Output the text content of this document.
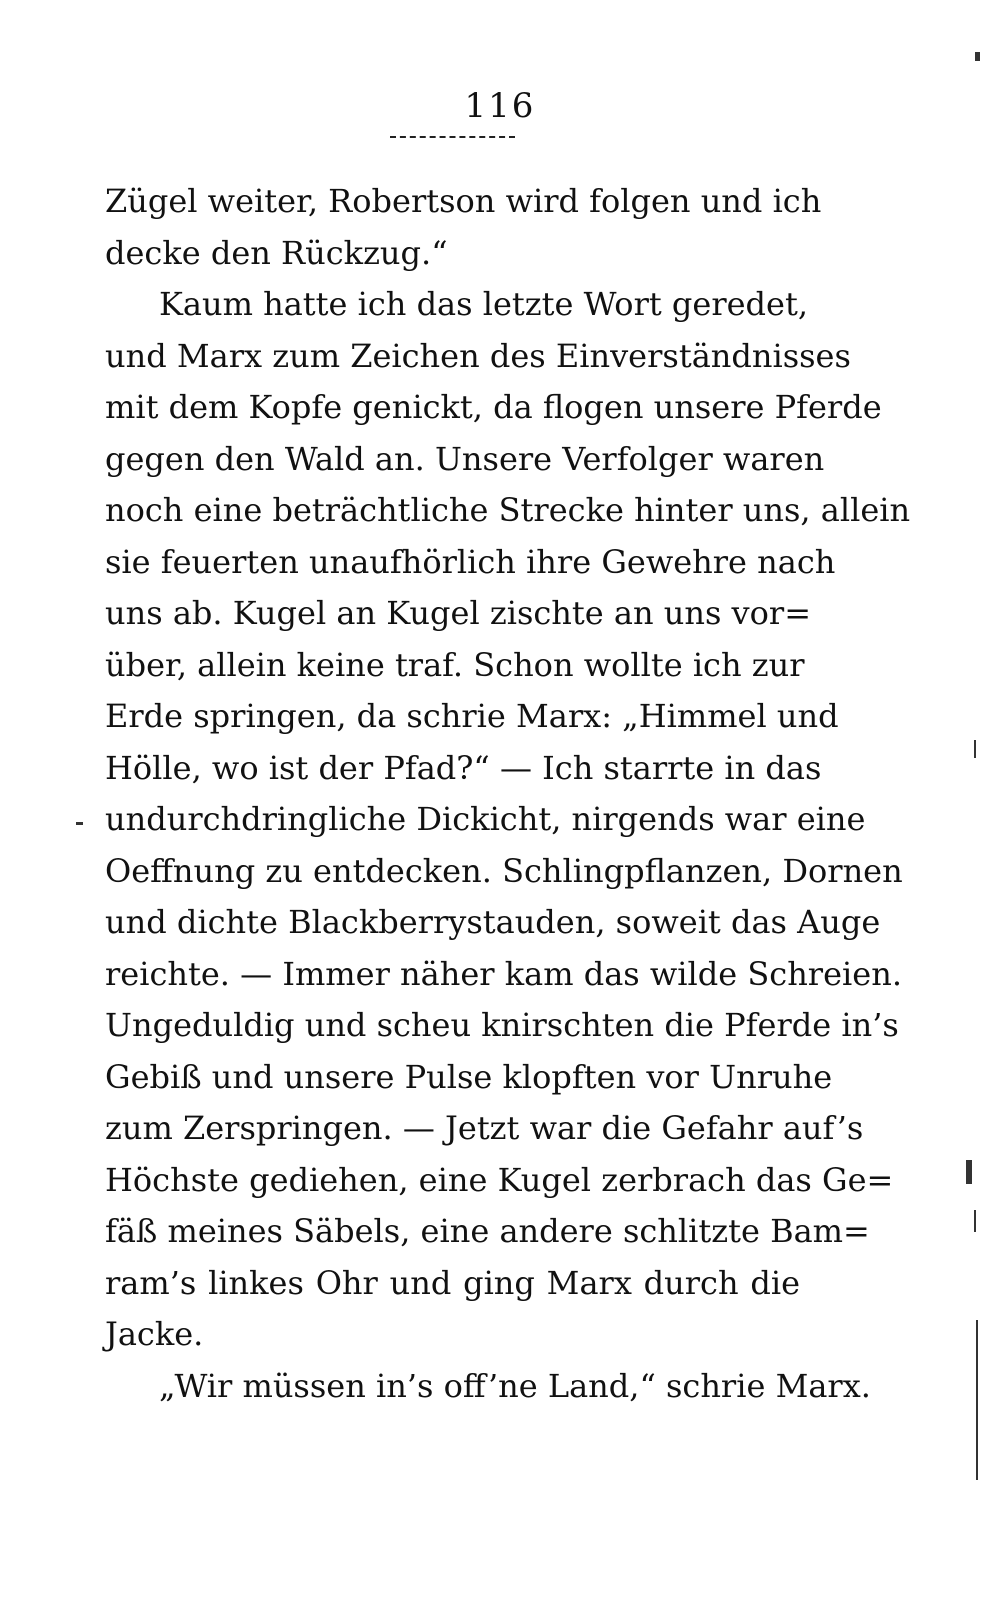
116
Zügel weiter, Robertson wird folgen und ich
decke den Rückzug.“
Kaum hatte ich das letzte Wort geredet,
und Marx zum Zeichen des Einverständnisses
mit dem Kopfe genickt, da flogen unsere Pferde
gegen den Wald an. Unsere Verfolger waren
noch eine beträchtliche Strecke hinter uns, allein
sie feuerten unaufhörlich ihre Gewehre nach
uns ab. Kugel an Kugel zischte an uns vor=
über, allein keine traf. Schon wollte ich zur
Erde springen, da schrie Marx: „Himmel und
Hölle, wo ist der Pfad?“ — Ich starrte in das
undurchdringliche Dickicht, nirgends war eine
Oeffnung zu entdecken. Schlingpflanzen, Dornen
und dichte Blackberrystauden, soweit das Auge
reichte. — Immer näher kam das wilde Schreien.
Ungeduldig und scheu knirschten die Pferde in’s
Gebiß und unsere Pulse klopften vor Unruhe
zum Zerspringen. — Jetzt war die Gefahr auf’s
Höchste gediehen, eine Kugel zerbrach das Ge=
fäß meines Säbels, eine andere schlitzte Bam=
ram’s linkes Ohr und ging Marx durch die
Jacke.
„Wir müssen in’s off’ne Land,“ schrie Marx.
